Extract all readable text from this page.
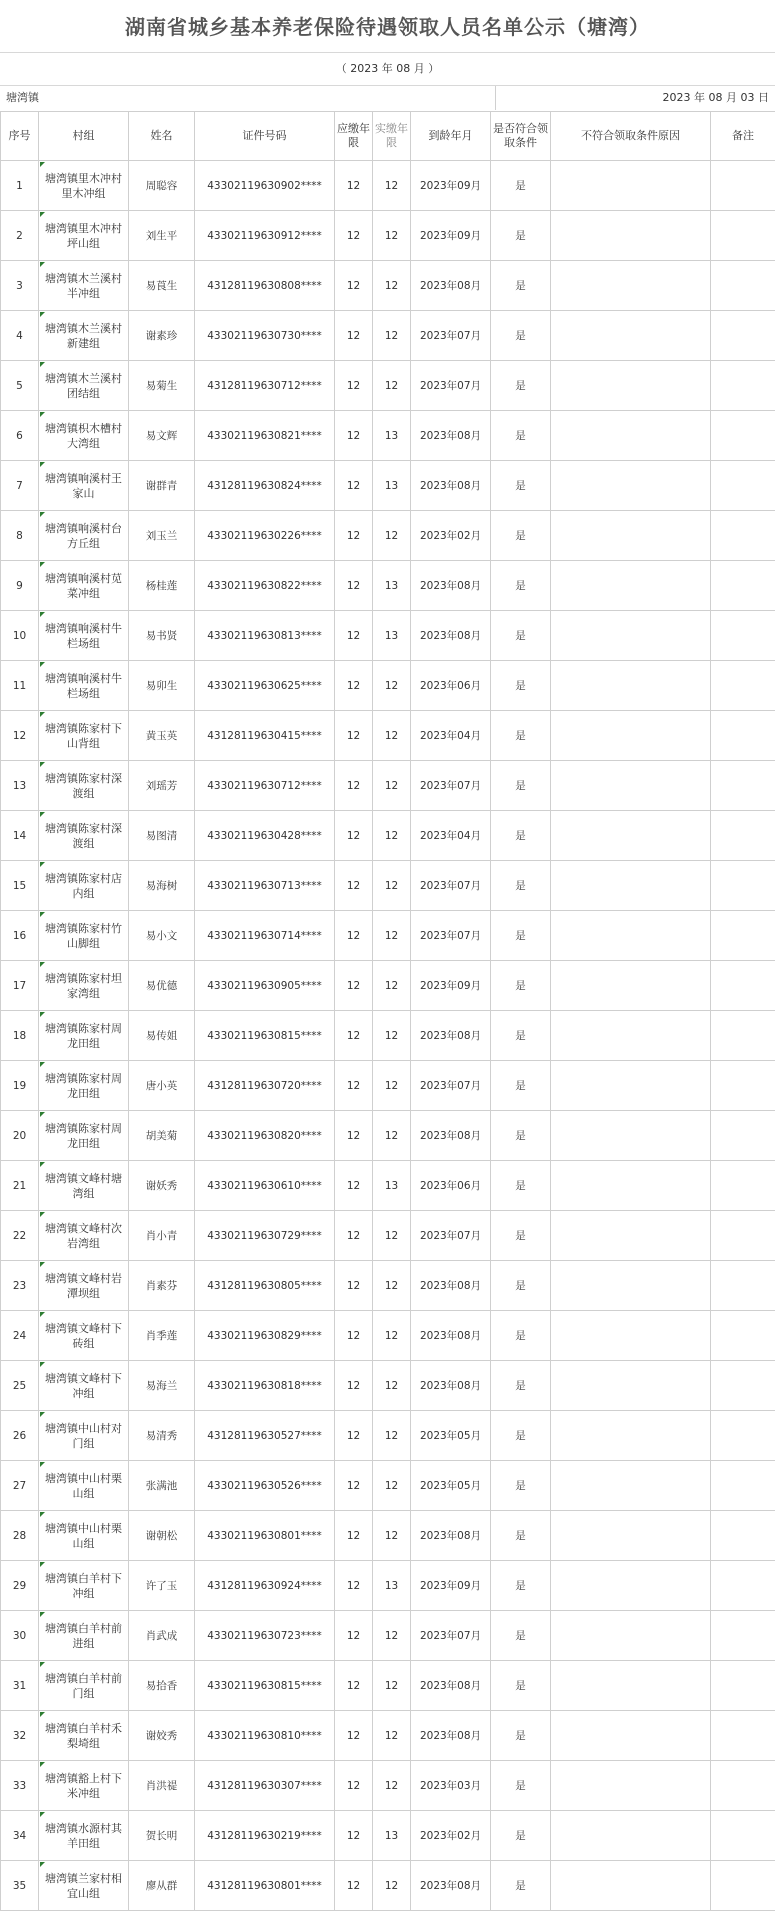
湖南省城乡基本养老保险待遇领取人员名单公示（塘湾）
（ 2023 年 08 月 ）
塘湾镇	2023 年 08 月 03 日
序号	村组	姓名	证件号码	应缴年限	实缴年限	到龄年月	是否符合领取条件	不符合领取条件原因	备注
1	塘湾镇里木冲村里木冲组	周聪容	43302119630902****	12	12	2023年09月	是		
2	塘湾镇里木冲村坪山组	刘生平	43302119630912****	12	12	2023年09月	是		
3	塘湾镇木兰溪村半冲组	易莨生	43128119630808****	12	12	2023年08月	是		
4	塘湾镇木兰溪村新建组	谢素珍	43302119630730****	12	12	2023年07月	是		
5	塘湾镇木兰溪村团结组	易菊生	43128119630712****	12	12	2023年07月	是		
6	塘湾镇枳木槽村大湾组	易文辉	43302119630821****	12	13	2023年08月	是		
7	塘湾镇响溪村王家山	谢群青	43128119630824****	12	13	2023年08月	是		
8	塘湾镇响溪村台方丘组	刘玉兰	43302119630226****	12	12	2023年02月	是		
9	塘湾镇响溪村苋菜冲组	杨桂莲	43302119630822****	12	13	2023年08月	是		
10	塘湾镇响溪村牛栏场组	易书贤	43302119630813****	12	13	2023年08月	是		
11	塘湾镇响溪村牛栏场组	易卯生	43302119630625****	12	12	2023年06月	是		
12	塘湾镇陈家村下山背组	黄玉英	43128119630415****	12	12	2023年04月	是		
13	塘湾镇陈家村深渡组	刘瑶芳	43302119630712****	12	12	2023年07月	是		
14	塘湾镇陈家村深渡组	易图清	43302119630428****	12	12	2023年04月	是		
15	塘湾镇陈家村店内组	易海树	43302119630713****	12	12	2023年07月	是		
16	塘湾镇陈家村竹山脚组	易小文	43302119630714****	12	12	2023年07月	是		
17	塘湾镇陈家村坦家湾组	易优德	43302119630905****	12	12	2023年09月	是		
18	塘湾镇陈家村周龙田组	易传姐	43302119630815****	12	12	2023年08月	是		
19	塘湾镇陈家村周龙田组	唐小英	43128119630720****	12	12	2023年07月	是		
20	塘湾镇陈家村周龙田组	胡美菊	43302119630820****	12	12	2023年08月	是		
21	塘湾镇文峰村塘湾组	谢妖秀	43302119630610****	12	13	2023年06月	是		
22	塘湾镇文峰村次岩湾组	肖小青	43302119630729****	12	12	2023年07月	是		
23	塘湾镇文峰村岩潭坝组	肖素芬	43128119630805****	12	12	2023年08月	是		
24	塘湾镇文峰村下砖组	肖季莲	43302119630829****	12	12	2023年08月	是		
25	塘湾镇文峰村下冲组	易海兰	43302119630818****	12	12	2023年08月	是		
26	塘湾镇中山村对门组	易清秀	43128119630527****	12	12	2023年05月	是		
27	塘湾镇中山村栗山组	张满池	43302119630526****	12	12	2023年05月	是		
28	塘湾镇中山村栗山组	谢朝松	43302119630801****	12	12	2023年08月	是		
29	塘湾镇白羊村下冲组	许了玉	43128119630924****	12	13	2023年09月	是		
30	塘湾镇白羊村前进组	肖武成	43302119630723****	12	12	2023年07月	是		
31	塘湾镇白羊村前门组	易拾香	43302119630815****	12	12	2023年08月	是		
32	塘湾镇白羊村禾梨埼组	谢姣秀	43302119630810****	12	12	2023年08月	是		
33	塘湾镇豁上村下米冲组	肖洪禔	43128119630307****	12	12	2023年03月	是		
34	塘湾镇水源村其羊田组	贺长明	43128119630219****	12	13	2023年02月	是		
35	塘湾镇兰家村相宜山组	廖从群	43128119630801****	12	12	2023年08月	是		
